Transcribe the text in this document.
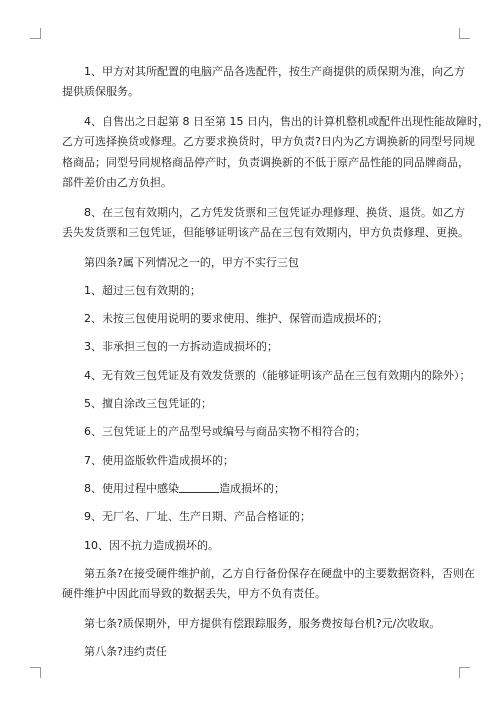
1、甲方对其所配置的电脑产品各选配件，按生产商提供的质保期为准，向乙方
提供质保服务。

4、自售出之日起第 8 日至第 15 日内，售出的计算机整机或配件出现性能故障时，
乙方可选择换货或修理。乙方要求换货时，甲方负责?日内为乙方调换新的同型号同规
格商品；同型号同规格商品停产时，负责调换新的不低于原产品性能的同品牌商品，
部件差价由乙方负担。

8、在三包有效期内，乙方凭发货票和三包凭证办理修理、换货、退货。如乙方
丢失发货票和三包凭证，但能够证明该产品在三包有效期内，甲方负责修理、更换。

第四条?属下列情况之一的，甲方不实行三包

1、超过三包有效期的；

2、未按三包使用说明的要求使用、维护、保管而造成损坏的；

3、非承担三包的一方拆动造成损坏的；

4、无有效三包凭证及有效发货票的（能够证明该产品在三包有效期内的除外）；

5、擅自涂改三包凭证的；

6、三包凭证上的产品型号或编号与商品实物不相符合的；

7、使用盗版软件造成损坏的；

8、使用过程中感染	造成损坏的；

9、无厂名、厂址、生产日期、产品合格证的；

10、因不抗力造成损坏的。

第五条?在接受硬件维护前，乙方自行备份保存在硬盘中的主要数据资料，否则在
硬件维护中因此而导致的数据丢失，甲方不负有责任。

第七条?质保期外，甲方提供有偿跟踪服务，服务费按每台机?元/次收取。

第八条?违约责任
